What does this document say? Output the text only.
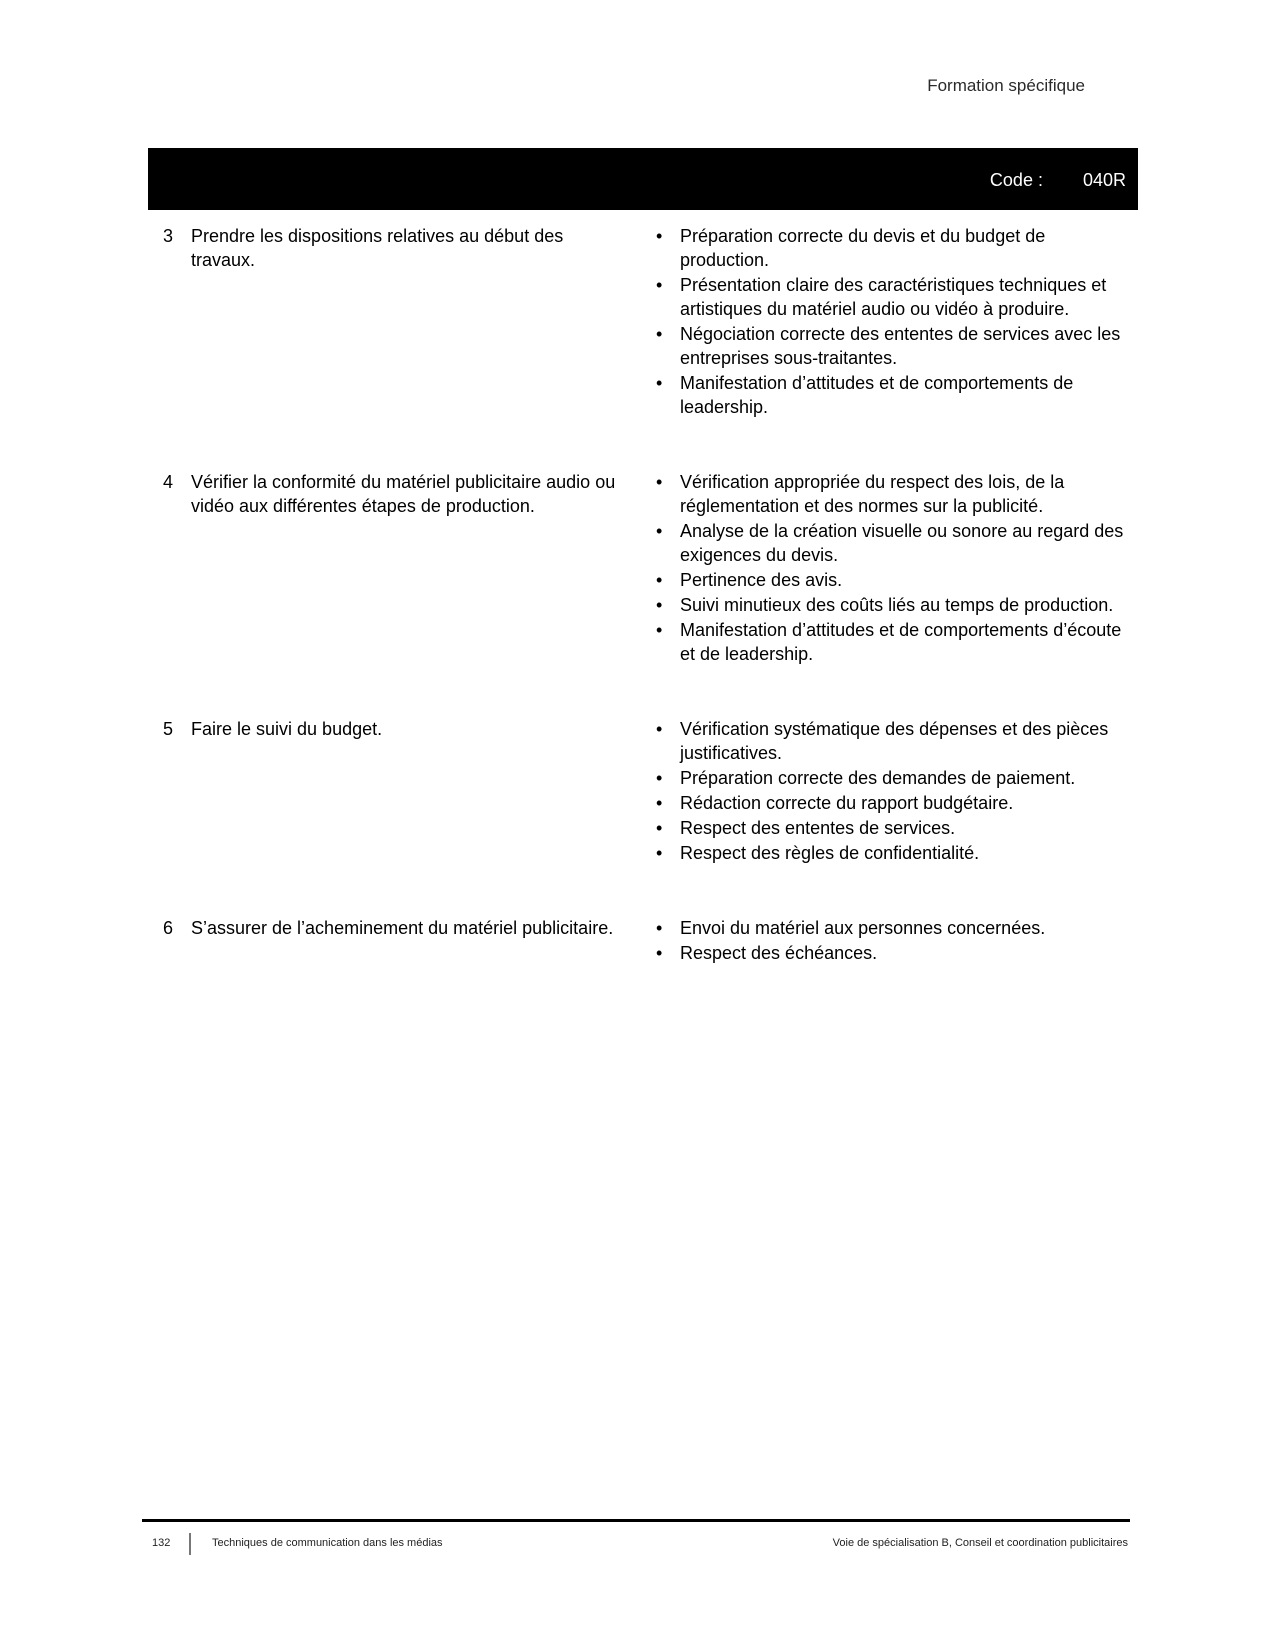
Formation spécifique
Code : 040R
3 Prendre les dispositions relatives au début des travaux.
• Préparation correcte du devis et du budget de production.
• Présentation claire des caractéristiques techniques et artistiques du matériel audio ou vidéo à produire.
• Négociation correcte des ententes de services avec les entreprises sous-traitantes.
• Manifestation d’attitudes et de comportements de leadership.
4 Vérifier la conformité du matériel publicitaire audio ou vidéo aux différentes étapes de production.
• Vérification appropriée du respect des lois, de la réglementation et des normes sur la publicité.
• Analyse de la création visuelle ou sonore au regard des exigences du devis.
• Pertinence des avis.
• Suivi minutieux des coûts liés au temps de production.
• Manifestation d’attitudes et de comportements d’écoute et de leadership.
5 Faire le suivi du budget.	• Vérification systématique des dépenses et des pièces justificatives.
• Préparation correcte des demandes de paiement.
• Rédaction correcte du rapport budgétaire.
• Respect des ententes de services.
• Respect des règles de confidentialité.
6 S’assurer de l’acheminement du matériel publicitaire.	• Envoi du matériel aux personnes concernées.
• Respect des échéances.
132	Techniques de communication dans les médias	Voie de spécialisation B, Conseil et coordination publicitaires
